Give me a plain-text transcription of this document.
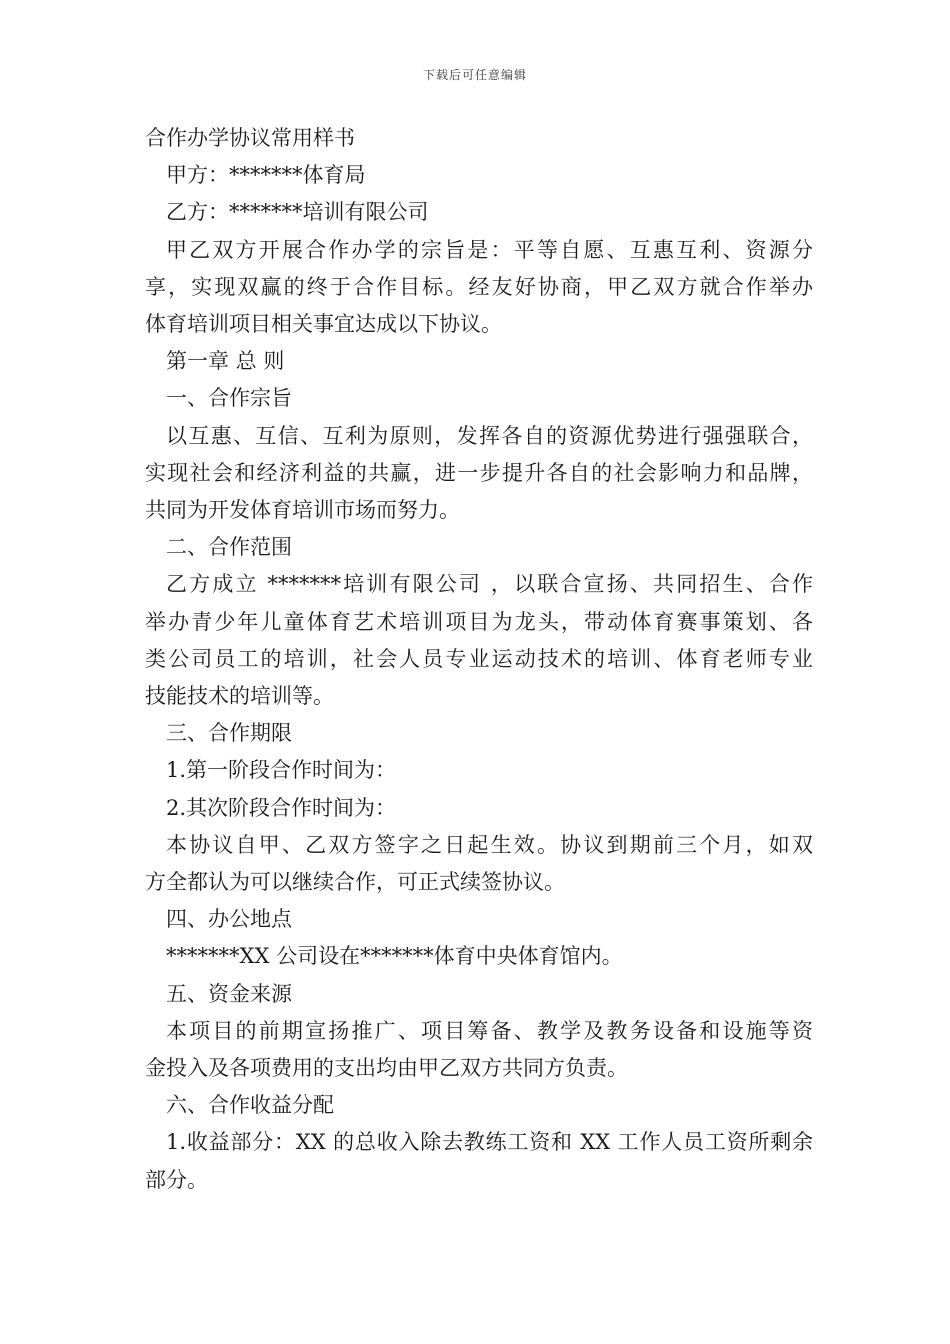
下载后可任意编辑
合作办学协议常用样书
甲方：*******体育局
乙方：*******培训有限公司
甲乙双方开展合作办学的宗旨是：平等自愿、互惠互利、资源分
享，实现双赢的终于合作目标。经友好协商，甲乙双方就合作举办
体育培训项目相关事宜达成以下协议。
第一章 总 则
一、合作宗旨
以互惠、互信、互利为原则，发挥各自的资源优势进行强强联合，
实现社会和经济利益的共赢，进一步提升各自的社会影响力和品牌，
共同为开发体育培训市场而努力。
二、合作范围
乙方成立 *******培训有限公司 ，以联合宣扬、共同招生、合作
举办青少年儿童体育艺术培训项目为龙头，带动体育赛事策划、各
类公司员工的培训，社会人员专业运动技术的培训、体育老师专业
技能技术的培训等。
三、合作期限
1.第一阶段合作时间为：
2.其次阶段合作时间为：
本协议自甲、乙双方签字之日起生效。协议到期前三个月，如双
方全都认为可以继续合作，可正式续签协议。
四、办公地点
*******XX 公司设在*******体育中央体育馆内。
五、资金来源
本项目的前期宣扬推广、项目筹备、教学及教务设备和设施等资
金投入及各项费用的支出均由甲乙双方共同方负责。
六、合作收益分配
1.收益部分：XX 的总收入除去教练工资和 XX 工作人员工资所剩余
部分。
